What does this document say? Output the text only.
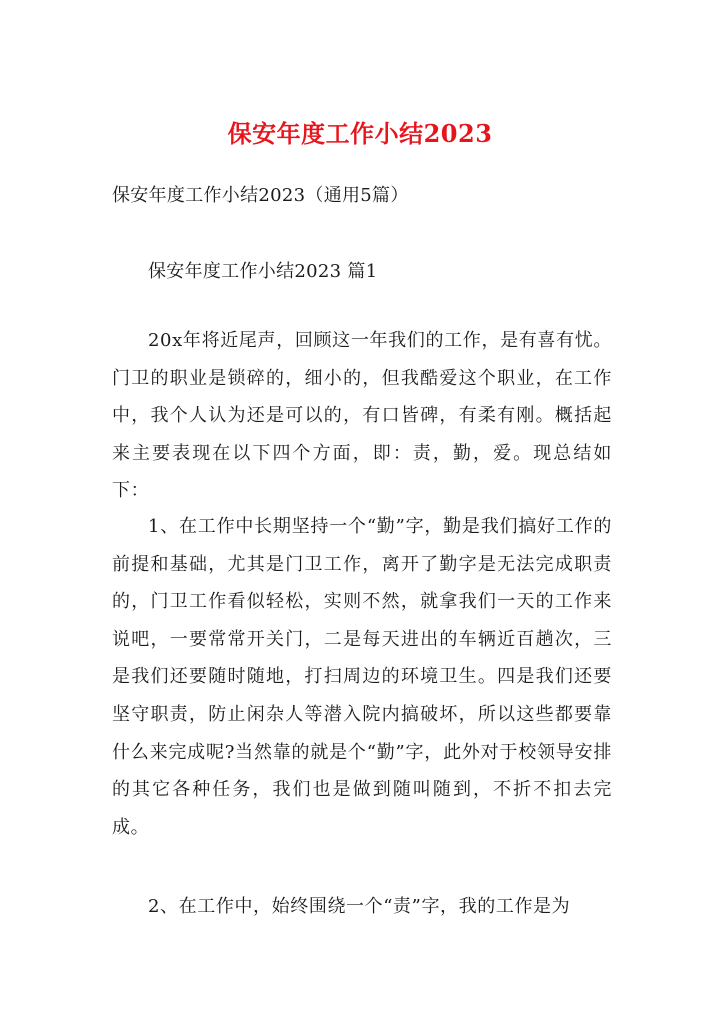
保安年度工作小结2023
保安年度工作小结2023（通用5篇）
保安年度工作小结2023 篇1

20x年将近尾声，回顾这一年我们的工作，是有喜有忧。门卫的职业是锁碎的，细小的，但我酷爱这个职业，在工作中，我个人认为还是可以的，有口皆碑，有柔有刚。概括起来主要表现在以下四个方面，即：责，勤，爱。现总结如下：

1、在工作中长期坚持一个“勤”字，勤是我们搞好工作的前提和基础，尤其是门卫工作，离开了勤字是无法完成职责的，门卫工作看似轻松，实则不然，就拿我们一天的工作来说吧，一要常常开关门，二是每天进出的车辆近百趟次，三是我们还要随时随地，打扫周边的环境卫生。四是我们还要坚守职责，防止闲杂人等潜入院内搞破坏，所以这些都要靠什么来完成呢?当然靠的就是个“勤”字，此外对于校领导安排的其它各种任务，我们也是做到随叫随到，不折不扣去完成。

2、在工作中，始终围绕一个“责”字，我的工作是为
